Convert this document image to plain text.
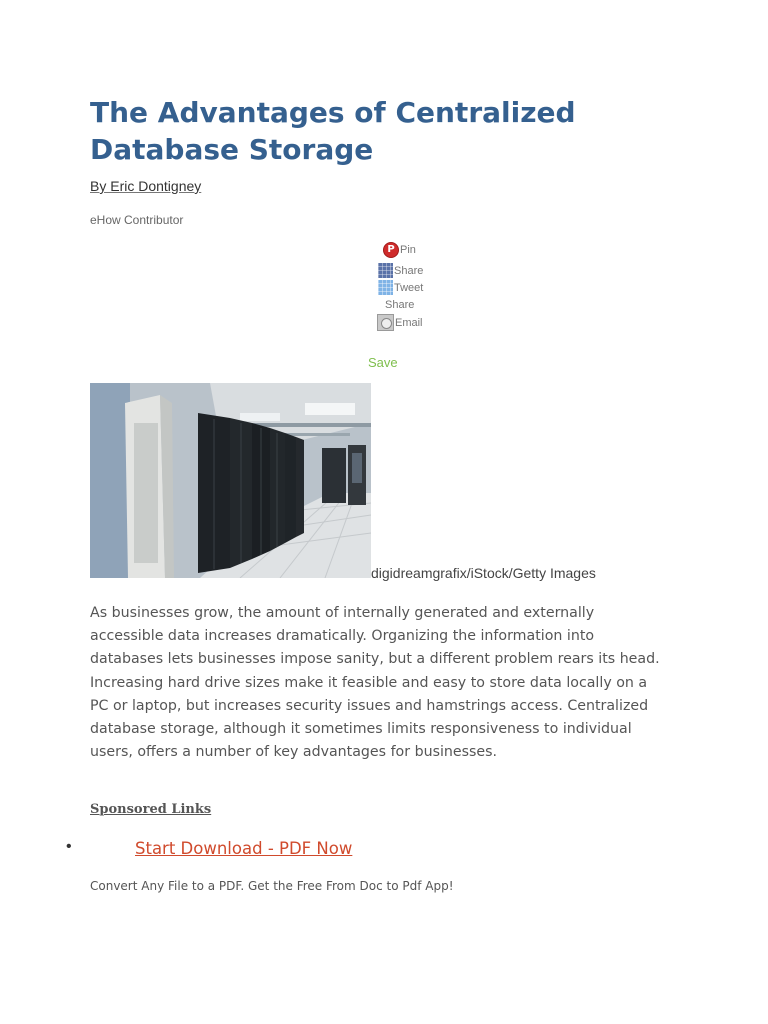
The Advantages of Centralized Database Storage
By Eric Dontigney
eHow Contributor
P
Pin
Share
Tweet
Share
Email
Save
digidreamgrafix/iStock/Getty Images

As businesses grow, the amount of internally generated and externally accessible data increases dramatically. Organizing the information into databases lets businesses impose sanity, but a different problem rears its head. Increasing hard drive sizes make it feasible and easy to store data locally on a PC or laptop, but increases security issues and hamstrings access. Centralized database storage, although it sometimes limits responsiveness to individual users, offers a number of key advantages for businesses.

Sponsored Links
•	Start Download - PDF Now
Convert Any File to a PDF. Get the Free From Doc to Pdf App!
